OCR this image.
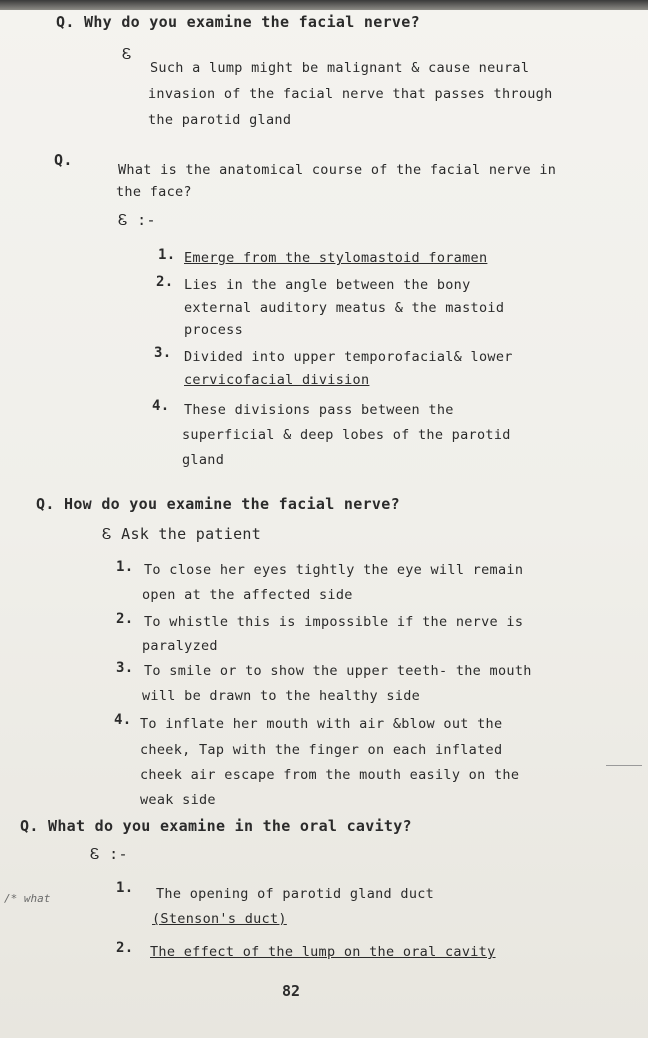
Q. Why do you examine the facial nerve?
Ꮛ
Such a lump might be malignant & cause neural
invasion of the facial nerve that passes through
the parotid gland
Q.
What is the anatomical course of the facial nerve in
the face?
Ꮛ :-
1. Emerge from the stylomastoid foramen
2. Lies in the angle between the bony
external auditory meatus & the mastoid
process
3. Divided into upper temporofacial& lower
cervicofacial division
4. These divisions pass between the
superficial & deep lobes of the parotid
gland
Q. How do you examine the facial nerve?
Ꮛ Ask the patient
1. To close her eyes tightly the eye will remain
open at the affected side
2. To whistle this is impossible if the nerve is
paralyzed
3. To smile or to show the upper teeth- the mouth
will be drawn to the healthy side
4. To inflate her mouth with air &blow out the
cheek, Tap with the finger on each inflated
cheek air escape from the mouth easily on the
weak side
Q. What do you examine in the oral cavity?
Ꮛ :-
1. The opening of parotid gland duct
(Stenson's duct)
2. The effect of the lump on the oral cavity
/* what
82
